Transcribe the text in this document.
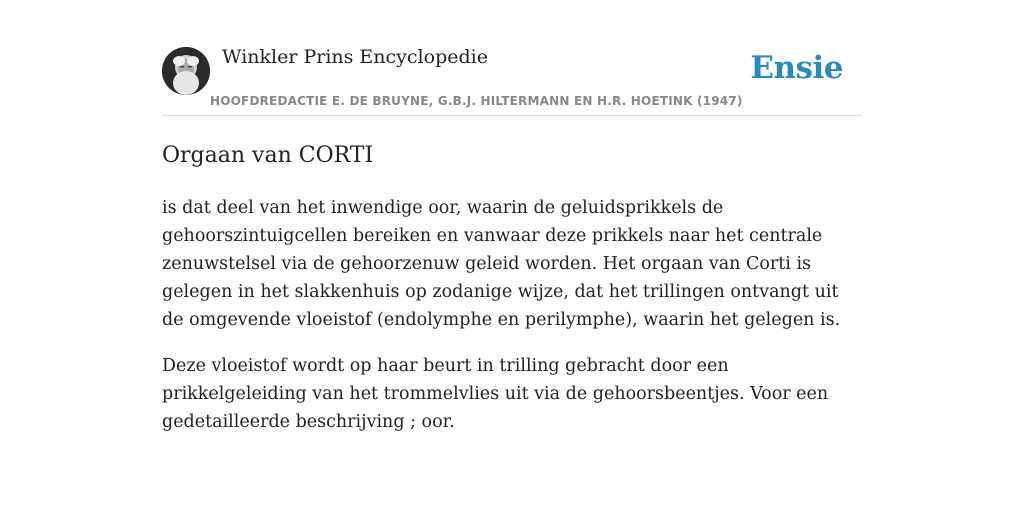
Winkler Prins Encyclopedie
HOOFDREDACTIE E. DE BRUYNE, G.B.J. HILTERMANN EN H.R. HOETINK (1947)
Ensie
Orgaan van CORTI

is dat deel van het inwendige oor, waarin de geluidsprikkels de gehoorszintuigcellen bereiken en vanwaar deze prikkels naar het centrale zenuwstelsel via de gehoorzenuw geleid worden. Het orgaan van Corti is gelegen in het slakkenhuis op zodanige wijze, dat het trillingen ontvangt uit de omgevende vloeistof (endolymphe en perilymphe), waarin het gelegen is.

Deze vloeistof wordt op haar beurt in trilling gebracht door een prikkelgeleiding van het trommelvlies uit via de gehoorsbeentjes. Voor een gedetailleerde beschrijving ; oor.
